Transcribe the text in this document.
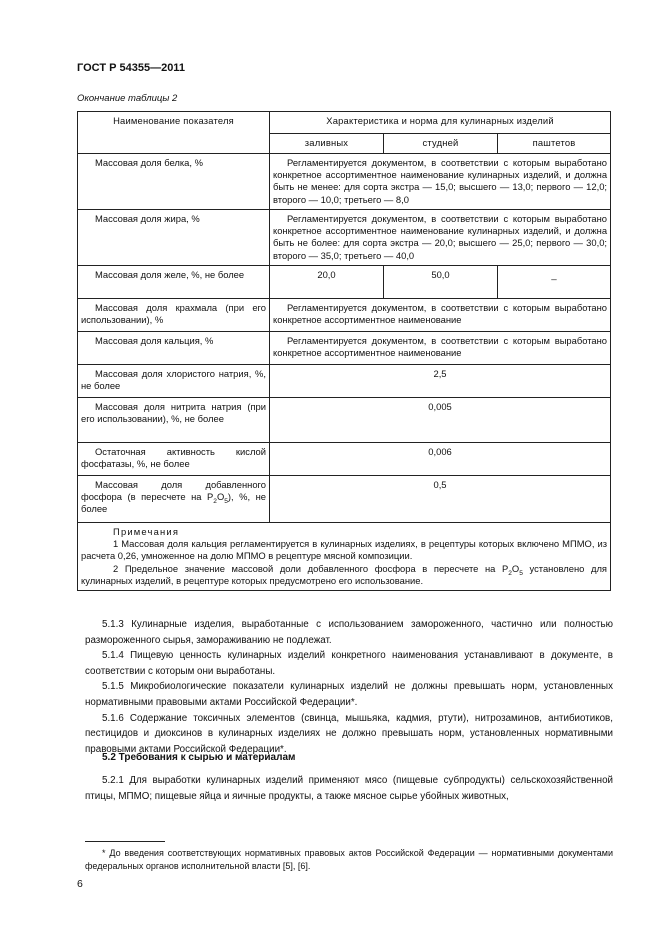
ГОСТ Р 54355—2011
Окончание таблицы 2
Наименование показателя	Характеристика и норма для кулинарных изделий		
	заливных	студней	паштетов
Массовая доля белка, %	Регламентируется документом, в соответствии с которым выработано конкретное ассортиментное наименование кулинарных изделий, и должна быть не менее: для сорта экстра — 15,0; высшего — 13,0; первого — 12,0; второго — 10,0; третьего — 8,0		
Массовая доля жира, %	Регламентируется документом, в соответствии с которым выработано конкретное ассортиментное наименование кулинарных изделий, и должна быть не более: для сорта экстра — 20,0; высшего — 25,0; первого — 30,0; второго — 35,0; третьего — 40,0		
Массовая доля желе, %, не более	20,0	50,0	_
Массовая доля крахмала (при его использовании), %	Регламентируется документом, в соответствии с которым выработано конкретное ассортиментное наименование		
Массовая доля кальция, %	Регламентируется документом, в соответствии с которым выработано конкретное ассортиментное наименование		
Массовая доля хлористого натрия, %, не более	2,5		
Массовая доля нитрита натрия (при его использовании), %, не более	0,005		
Остаточная активность кислой фосфатазы, %, не более	0,006		
Массовая доля добавленного фосфора (в пересчете на $P_2O_5$), %, не более	0,5		

Примечания
1 Массовая доля кальция регламентируется в кулинарных изделиях, в рецептуры которых включено МПМО, из расчета 0,26, умноженное на долю МПМО в рецептуре мясной композиции.
2 Предельное значение массовой доли добавленного фосфора в пересчете на $P_2O_5$ установлено для кулинарных изделий, в рецептуре которых предусмотрено его использование.			

5.1.3 Кулинарные изделия, выработанные с использованием замороженного, частично или полностью размороженного сырья, замораживанию не подлежат.

5.1.4 Пищевую ценность кулинарных изделий конкретного наименования устанавливают в документе, в соответствии с которым они выработаны.

5.1.5 Микробиологические показатели кулинарных изделий не должны превышать норм, установленных нормативными правовыми актами Российской Федерации*.

5.1.6 Содержание токсичных элементов (свинца, мышьяка, кадмия, ртути), нитрозаминов, антибиотиков, пестицидов и диоксинов в кулинарных изделиях не должно превышать норм, установленных нормативными правовыми актами Российской Федерации*.

5.2 Требования к сырью и материалам

5.2.1 Для выработки кулинарных изделий применяют мясо (пищевые субпродукты) сельскохозяйственной птицы, МПМО; пищевые яйца и яичные продукты, а также мясное сырье убойных животных,

* До введения соответствующих нормативных правовых актов Российской Федерации — нормативными документами федеральных органов исполнительной власти [5], [6].

6
